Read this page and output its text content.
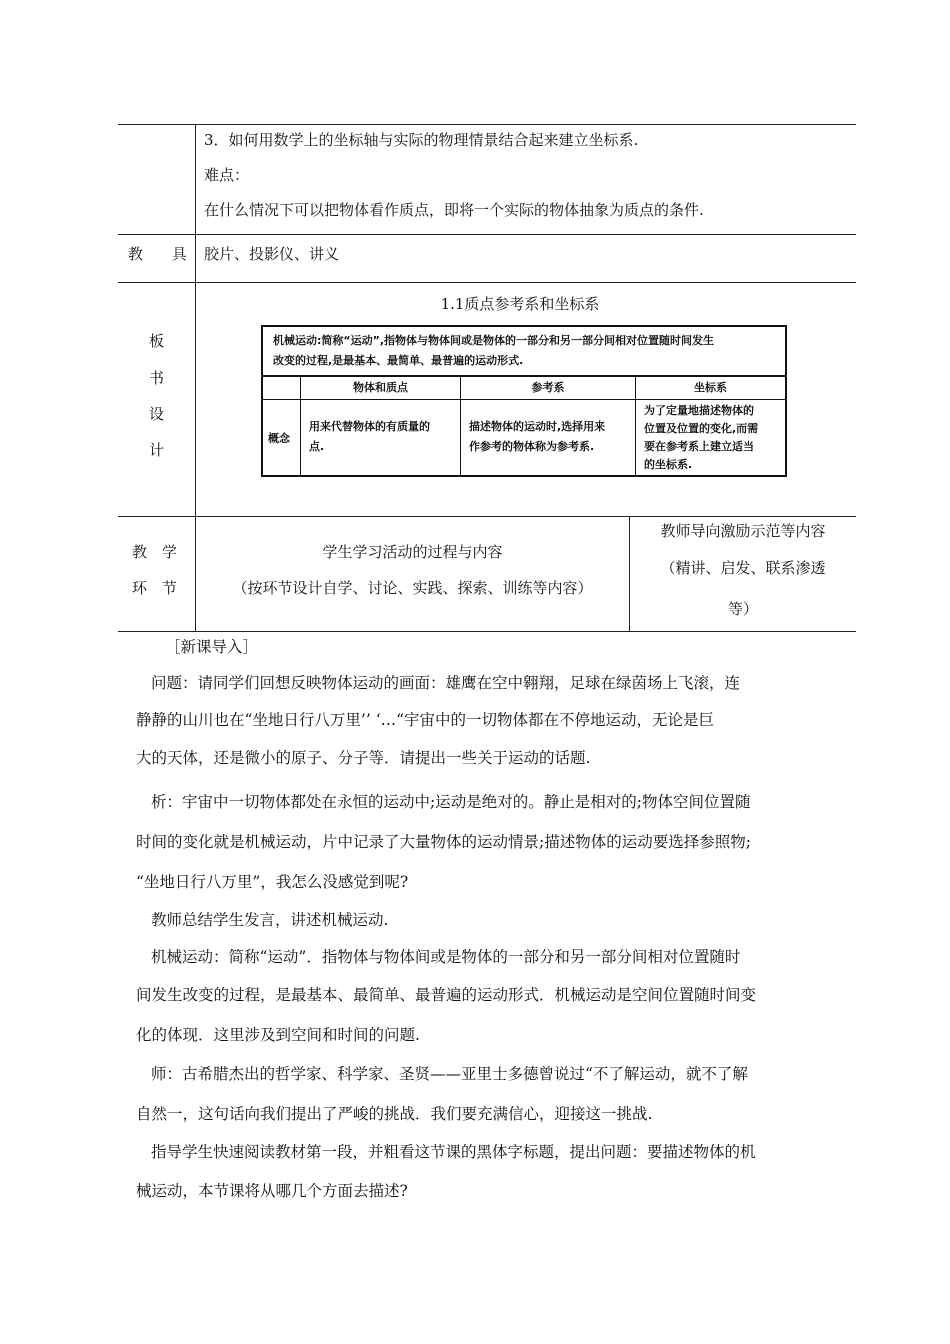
3．如何用数学上的坐标轴与实际的物理情景结合起来建立坐标系.
难点：
在什么情况下可以把物体看作质点，即将一个实际的物体抽象为质点的条件.
教 具 胶片、投影仪、讲义
板
书
设
计
1.1质点参考系和坐标系
机械运动:简称“运动”,指物体与物体间或是物体的一部分和另一部分间相对位置随时间发生
改变的过程,是最基本、最简单、最普遍的运动形式.
物体和质点	参考系	坐标系
概念
用来代替物体的有质量的
点.
描述物体的运动时,选择用来
作参考的物体称为参考系.
为了定量地描述物体的
位置及位置的变化,而需
要在参考系上建立适当
的坐标系.
教　学
环　节
学生学习活动的过程与内容
（按环节设计自学、讨论、实践、探索、训练等内容）
教师导向激励示范等内容
（精讲、启发、联系渗透
等）
［新课导入］
问题：请同学们回想反映物体运动的画面：雄鹰在空中翱翔，足球在绿茵场上飞滚，连
静静的山川也在“坐地日行八万里’’ ‘…“宇宙中的一切物体都在不停地运动，无论是巨
大的天体，还是微小的原子、分子等．请提出一些关于运动的话题.
析：宇宙中一切物体都处在永恒的运动中;运动是绝对的。静止是相对的;物体空间位置随
时间的变化就是机械运动，片中记录了大量物体的运动情景;描述物体的运动要选择参照物;
“坐地日行八万里”，我怎么没感觉到呢?
教师总结学生发言，讲述机械运动.
机械运动：简称“运动”．指物体与物体间或是物体的一部分和另一部分间相对位置随时
间发生改变的过程，是最基本、最简单、最普遍的运动形式．机械运动是空间位置随时间变
化的体现．这里涉及到空间和时间的问题.
师：古希腊杰出的哲学家、科学家、圣贤——亚里士多德曾说过“不了解运动，就不了解
自然一，这句话向我们提出了严峻的挑战．我们要充满信心，迎接这一挑战.
指导学生快速阅读教材第一段，并粗看这节课的黑体字标题，提出问题：要描述物体的机
械运动，本节课将从哪几个方面去描述?
